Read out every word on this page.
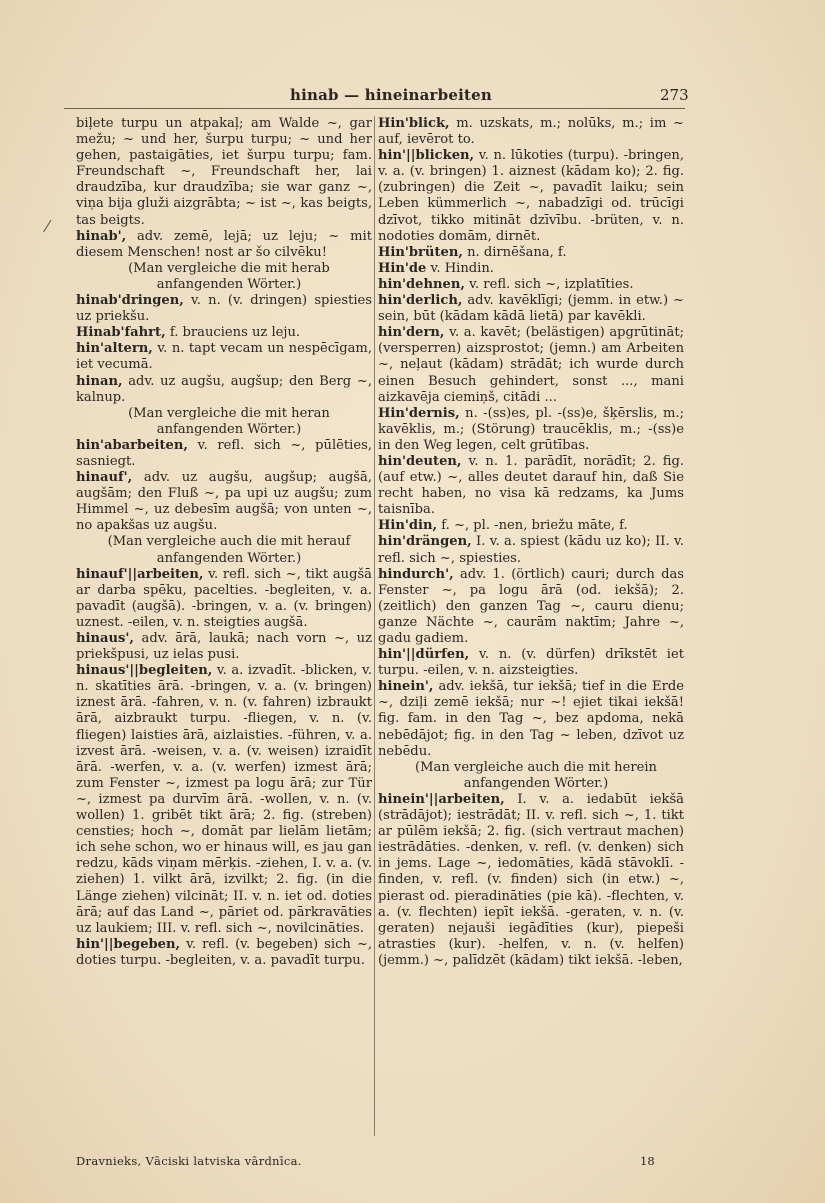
hinab — hineinarbeiten	273
⁄

biļete turpu un atpakaļ; am Walde ~, gar mežu; ~ und her, šurpu turpu; ~ und her gehen, pastaigāties, iet šurpu turpu; fam. Freundschaft ~, Freundschaft her, lai draudzība, kur draudzība; sie war ganz ~, viņa bija gluži aizgrābta; ~ ist ~, kas beigts, tas beigts.

hinab', adv. zemē, lejā; uz leju; ~ mit diesem Menschen! nost ar šo cilvēku!

(Man vergleiche die mit herab anfangenden Wörter.)

hinab'dringen, v. n. (v. dringen) spiesties uz priekšu.

Hinab'fahrt, f. brauciens uz leju.

hin'altern, v. n. tapt vecam un nespēcīgam, iet vecumā.

hinan, adv. uz augšu, augšup; den Berg ~, kalnup.

(Man vergleiche die mit heran anfangenden Wörter.)

hin'abarbeiten, v. refl. sich ~, pūlēties, sasniegt.

hinauf', adv. uz augšu, augšup; augšā, augšām; den Fluß ~, pa upi uz augšu; zum Himmel ~, uz debesīm augšā; von unten ~, no apakšas uz augšu.

(Man vergleiche auch die mit herauf anfangenden Wörter.)

hinauf'||arbeiten, v. refl. sich ~, tikt augšā ar darba spēku, pacelties. -begleiten, v. a. pavadīt (augšā). -bringen, v. a. (v. bringen) uznest. -eilen, v. n. steigties augšā.

hinaus', adv. ārā, laukā; nach vorn ~, uz priekšpusi, uz ielas pusi.

hinaus'||begleiten, v. a. izvadīt. -blicken, v. n. skatīties ārā. -bringen, v. a. (v. bringen) iznest ārā. -fahren, v. n. (v. fahren) izbraukt ārā, aizbraukt turpu. -fliegen, v. n. (v. fliegen) laisties ārā, aizlaisties. -führen, v. a. izvest ārā. -weisen, v. a. (v. weisen) izraidīt ārā. -werfen, v. a. (v. werfen) izmest ārā; zum Fenster ~, izmest pa logu ārā; zur Tür ~, izmest pa durvīm ārā. -wollen, v. n. (v. wollen) 1. gribēt tikt ārā; 2. fig. (streben) censties; hoch ~, domāt par lielām lietām; ich sehe schon, wo er hinaus will, es jau gan redzu, kāds viņam mērķis. -ziehen, I. v. a. (v. ziehen) 1. vilkt ārā, izvilkt; 2. fig. (in die Länge ziehen) vilcināt; II. v. n. iet od. doties ārā; auf das Land ~, pāriet od. pārkravāties uz laukiem; III. v. refl. sich ~, novilcināties.

hin'||begeben, v. refl. (v. begeben) sich ~, doties turpu. -begleiten, v. a. pavadīt turpu.

Hin'blick, m. uzskats, m.; nolūks, m.; im ~ auf, ievērot to.

hin'||blicken, v. n. lūkoties (turpu). -bringen, v. a. (v. bringen) 1. aiznest (kādam ko); 2. fig. (zubringen) die Zeit ~, pavadīt laiku; sein Leben kümmerlich ~, nabadzīgi od. trūcīgi dzīvot, tikko mitināt dzīvību. -brüten, v. n. nodoties domām, dirnēt.

Hin'brüten, n. dirnēšana, f.

Hin'de v. Hindin.

hin'dehnen, v. refl. sich ~, izplatīties.

hin'derlich, adv. kavēklīgi; (jemm. in etw.) ~ sein, būt (kādam kādā lietā) par kavēkli.

hin'dern, v. a. kavēt; (belästigen) apgrūtināt; (versperren) aizsprostot; (jemn.) am Arbeiten ~, neļaut (kādam) strādāt; ich wurde durch einen Besuch gehindert, sonst ..., mani aizkavēja ciemiņš, citādi ...

Hin'dernis, n. -(ss)es, pl. -(ss)e, šķērslis, m.; kavēklis, m.; (Störung) traucēklis, m.; -(ss)e in den Weg legen, celt grūtības.

hin'deuten, v. n. 1. parādīt, norādīt; 2. fig. (auf etw.) ~, alles deutet darauf hin, daß Sie recht haben, no visa kā redzams, ka Jums taisnība.

Hin'din, f. ~, pl. -nen, briežu māte, f.

hin'drängen, I. v. a. spiest (kādu uz ko); II. v. refl. sich ~, spiesties.

hindurch', adv. 1. (örtlich) cauri; durch das Fenster ~, pa logu ārā (od. iekšā); 2. (zeitlich) den ganzen Tag ~, cauru dienu; ganze Nächte ~, caurām naktīm; Jahre ~, gadu gadiem.

hin'||dürfen, v. n. (v. dürfen) drīkstēt iet turpu. -eilen, v. n. aizsteigties.

hinein', adv. iekšā, tur iekšā; tief in die Erde ~, dziļi zemē iekšā; nur ~! ejiet tikai iekšā! fig. fam. in den Tag ~, bez apdoma, nekā nebēdājot; fig. in den Tag ~ leben, dzīvot uz nebēdu.

(Man vergleiche auch die mit herein anfangenden Wörter.)

hinein'||arbeiten, I. v. a. iedabūt iekšā (strādājot); iestrādāt; II. v. refl. sich ~, 1. tikt ar pūlēm iekšā; 2. fig. (sich vertraut machen) iestrādāties. -denken, v. refl. (v. denken) sich in jems. Lage ~, iedomāties, kādā stāvoklī. -finden, v. refl. (v. finden) sich (in etw.) ~, pierast od. pieradināties (pie kā). -flechten, v. a. (v. flechten) iepīt iekšā. -geraten, v. n. (v. geraten) nejauši iegādīties (kur), piepeši atrasties (kur). -helfen, v. n. (v. helfen) (jemm.) ~, palīdzēt (kādam) tikt iekšā. -leben,

Dravnieks, Vāciski latviska vārdnīca.	18
